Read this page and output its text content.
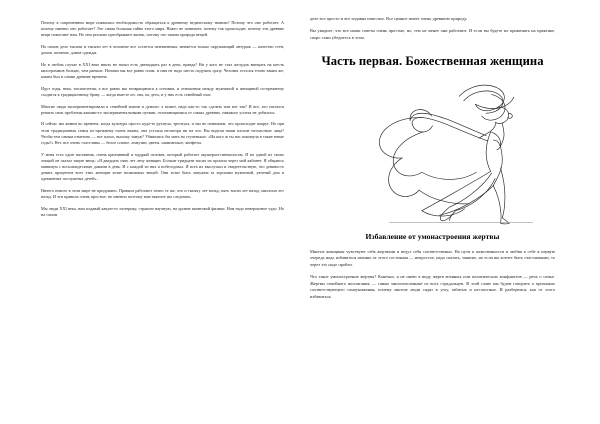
Почему в современном мире появилась необходимость обращаться к древнему ведическому знанию? Потому что оно работает. А почему именно оно работает? Это самая большая тайна этого мира. Никто не понимает, почему так происходит, почему эти древние вещи помогают нам. Но они реально преображают жизнь, потому что такова природа вещей.

На самом деле тысячи и тысячи лет в человеке все остается неизменным, меняется только окружающий антураж — качество стен, домов, питание, длина одежды.

Но в любом случае в XXI веке никто не начал есть двенадцать раз в день, правда? Ни у кого не стал желудок вмещать на шесть килограммов больше, чем раньше. Ночами мы все равно спим, и нам не надо шесть подушек сразу. Человек остался точно таким же, каким был в самые древние времена.

Идут годы, века, тысячелетия, а все равно мы возвращаемся к основам, и отношения между мужчиной и женщиной по-прежнему сходятся к традиционному браку — когда вместе он, она, их дети, и у них есть семейный очаг.

Многие люди экспериментировали в семейной жизни и думали: а может, надо как-то так сделать или вот так? И все, кто пытался решить свои проблемы какими-то экспериментальными путями, отличающимися от самых древних, никакого успеха не добились.

И сейчас мы живем во времена, когда культура просто куда-то рухнула, треснула, и мы не понимаем, что происходит вокруг. Но при этом традиционная семья по-прежнему очень важна, она устояла несмотря ни на что. Вы видели наши плохие несчастные лица? Чтобы тем самым отметить — все плохо, выхожу замуж? Убивались бы мать на ступеньках: «На кого ж ты нас покинула в такие юные годы?» Нет, все очень счастливы — белое платье, лимузин, цветы, шампанское, конфеты.

У меня есть один наставник, очень креативный и мудрый человек, который работает акушером-гинекологом. И на одной из своих лекций он сказал такую вещь: «Я двадцать пять лет лечу женщин. Больше тридцати тысяч их прошло через мой кабинет. Я общаюсь минимум с восьмьюдесятью дамами в день. И с каждой из них я побеседовал. Я всех их выслушал и свидетельствую, что девяносто девять процентов всех этих женщин хотят возможных вещей. Они хотят быть замужем за хорошим мужчиной, уютный дом и адекватных послушных детей».

Ничего нового в этом мире не придумано. Правила работают точно те же, что и тысячу лет назад, пять тысяч лет назад, миллион лет назад. И эти правила очень простые, но именно поэтому нам тяжелее им следовать.

Мы люди XXI века, нам подавай какую-то эзотерику, страшно научную, на уровне квантовой физики. Нам надо невероятное чудо. Но на самом

деле все просто и все издавна известно. Все ценное имеет очень древнюю природу.

Вы увидите, что все наши советы очень простые, но, тем не менее они работают. И если вы будете их применять на практике, скоро сами убедитесь в этом.

Часть первая. Божественная женщина
Избавление от умонастроения жертвы

Многие женщины чувствуют себя жертвами и ведут себя соответственно. На пути к женственности и любви к себе в первую очередь надо избавиться именно от этого состояния — непростое, надо сказать, занятие, но если вы хотите быть счастливыми, то через это надо пройти.

Что такое умонастроение жертвы? Конечно, я не имею в виду жертв военных или политических конфликтов — речь о семье. Жертвы семейного воспитания — самые многочисленные из всех страдальцев. В этой главе мы будем говорить о признаках соответствующего самоунижения, почему многие люди сидят в углу, забитые и несчастные. И разберемся, как от этого избавиться.
